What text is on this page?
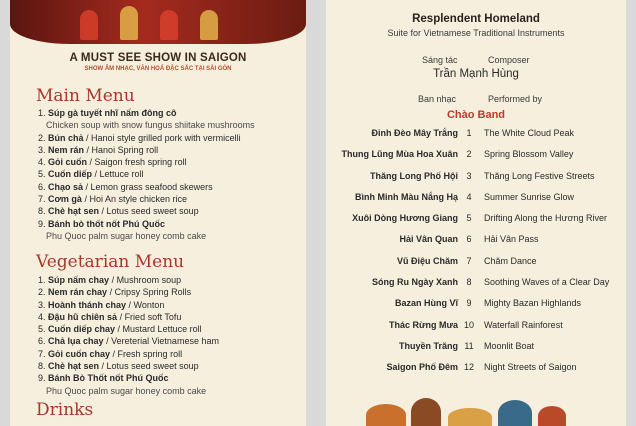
A MUST SEE SHOW IN SAIGON
SHOW ÂM NHẠC, VĂN HOÁ ĐẶC SẮC TẠI SÀI GÒN
Main Menu
1. Súp gà tuyết nhĩ nấm đông cô
Chicken soup with snow fungus shiitake mushrooms
2. Bún chả / Hanoi style grilled pork with vermicelli
3. Nem rán / Hanoi Spring roll
4. Gỏi cuốn / Saigon fresh spring roll
5. Cuốn diếp / Lettuce roll
6. Chạo sả / Lemon grass seafood skewers
7. Cơm gà / Hoi An style chicken rice
8. Chè hạt sen / Lotus seed sweet soup
9. Bánh bò thốt nốt Phú Quốc
Phu Quoc palm sugar honey comb cake
Vegetarian Menu
1. Súp nấm chay / Mushroom soup
2. Nem rán chay / Cripsy Spring Rolls
3. Hoành thánh chay / Wonton
4. Đậu hũ chiên sả / Fried soft Tofu
5. Cuốn diếp chay / Mustard Lettuce roll
6. Chả lụa chay / Vereterial Vietnamese ham
7. Gỏi cuốn chay / Fresh spring roll
8. Chè hạt sen / Lotus seed sweet soup
9. Bánh Bò Thốt nốt Phú Quốc
Phu Quoc palm sugar honey comb cake
Drinks
Resplendent Homeland
Suite for Vietnamese Traditional Instruments
Sáng tác	Composer
Trần Mạnh Hùng
Ban nhạc	Performed by
Chào Band
Đỉnh Đèo Mây Trắng 1	The White Cloud Peak
Thung Lũng Mùa Hoa Xuân 2	Spring Blossom Valley
Thăng Long Phố Hội 3	Thăng Long Festive Streets
Bình Minh Màu Nắng Hạ 4	Summer Sunrise Glow
Xuôi Dòng Hương Giang 5	Drifting Along the Hương River
Hải Vân Quan 6	Hải Vân Pass
Vũ Điệu Chăm 7	Chăm Dance
Sóng Ru Ngày Xanh 8	Soothing Waves of a Clear Day
Bazan Hùng Vĩ 9	Mighty Bazan Highlands
Thác Rừng Mưa 10 Waterfall Rainforest
Thuyền Trăng 11 Moonlit Boat
Saigon Phố Đêm 12 Night Streets of Saigon
